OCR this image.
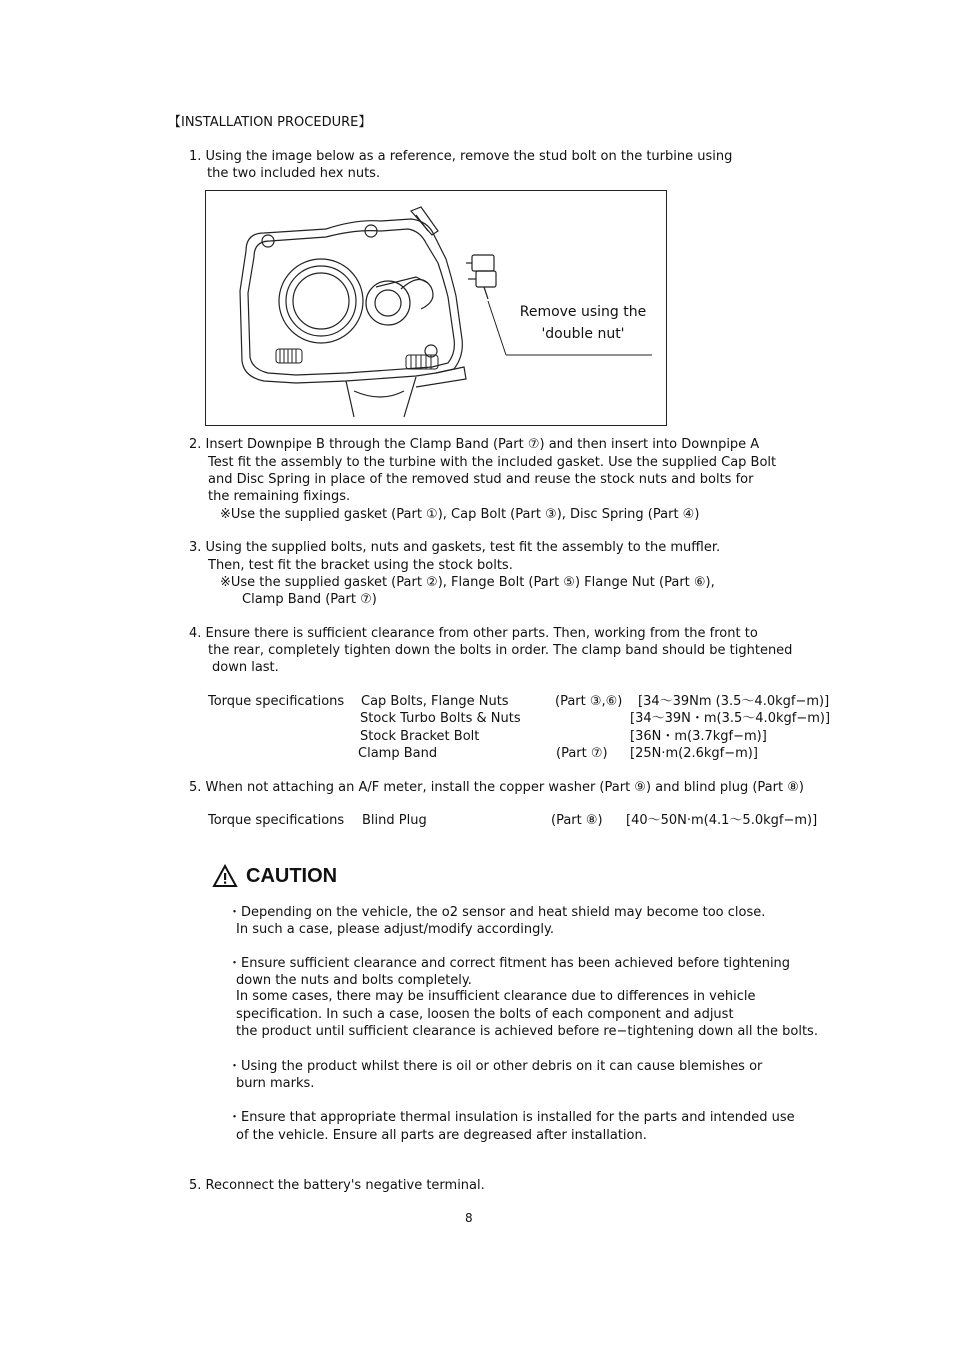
【INSTALLATION PROCEDURE】
1. Using the image below as a reference, remove the stud bolt on the turbine using
the two included hex nuts.
Remove using the
'double nut'
2. Insert Downpipe B through the Clamp Band (Part ⑦) and then insert into Downpipe A
Test fit the assembly to the turbine with the included gasket. Use the supplied Cap Bolt
and Disc Spring in place of the removed stud and reuse the stock nuts and bolts for
the remaining fixings.
※Use the supplied gasket (Part ①), Cap Bolt (Part ③), Disc Spring (Part ④)
3. Using the supplied bolts, nuts and gaskets, test fit the assembly to the muffler.
Then, test fit the bracket using the stock bolts.
※Use the supplied gasket (Part ②), Flange Bolt (Part ⑤) Flange Nut (Part ⑥),
Clamp Band (Part ⑦)
4. Ensure there is sufficient clearance from other parts. Then, working from the front to
the rear, completely tighten down the bolts in order. The clamp band should be tightened
down last.
Torque specifications Cap Bolts, Flange Nuts	(Part ③,⑥) [34〜39Nm (3.5〜4.0kgf−m)]
Stock Turbo Bolts & Nuts	[34〜39N・m(3.5〜4.0kgf−m)]
Stock Bracket Bolt	[36N・m(3.7kgf−m)]
Clamp Band	(Part ⑦) [25N·m(2.6kgf−m)]
5. When not attaching an A/F meter, install the copper washer (Part ⑨) and blind plug (Part ⑧)
Torque specifications Blind Plug	(Part ⑧) [40〜50N·m(4.1〜5.0kgf−m)]
CAUTION
・Depending on the vehicle, the o2 sensor and heat shield may become too close.
In such a case, please adjust/modify accordingly.
・Ensure sufficient clearance and correct fitment has been achieved before tightening
down the nuts and bolts completely.
In some cases, there may be insufficient clearance due to differences in vehicle
specification. In such a case, loosen the bolts of each component and adjust
the product until sufficient clearance is achieved before re−tightening down all the bolts.
・Using the product whilst there is oil or other debris on it can cause blemishes or
burn marks.
・Ensure that appropriate thermal insulation is installed for the parts and intended use
of the vehicle. Ensure all parts are degreased after installation.
5. Reconnect the battery's negative terminal.
8
